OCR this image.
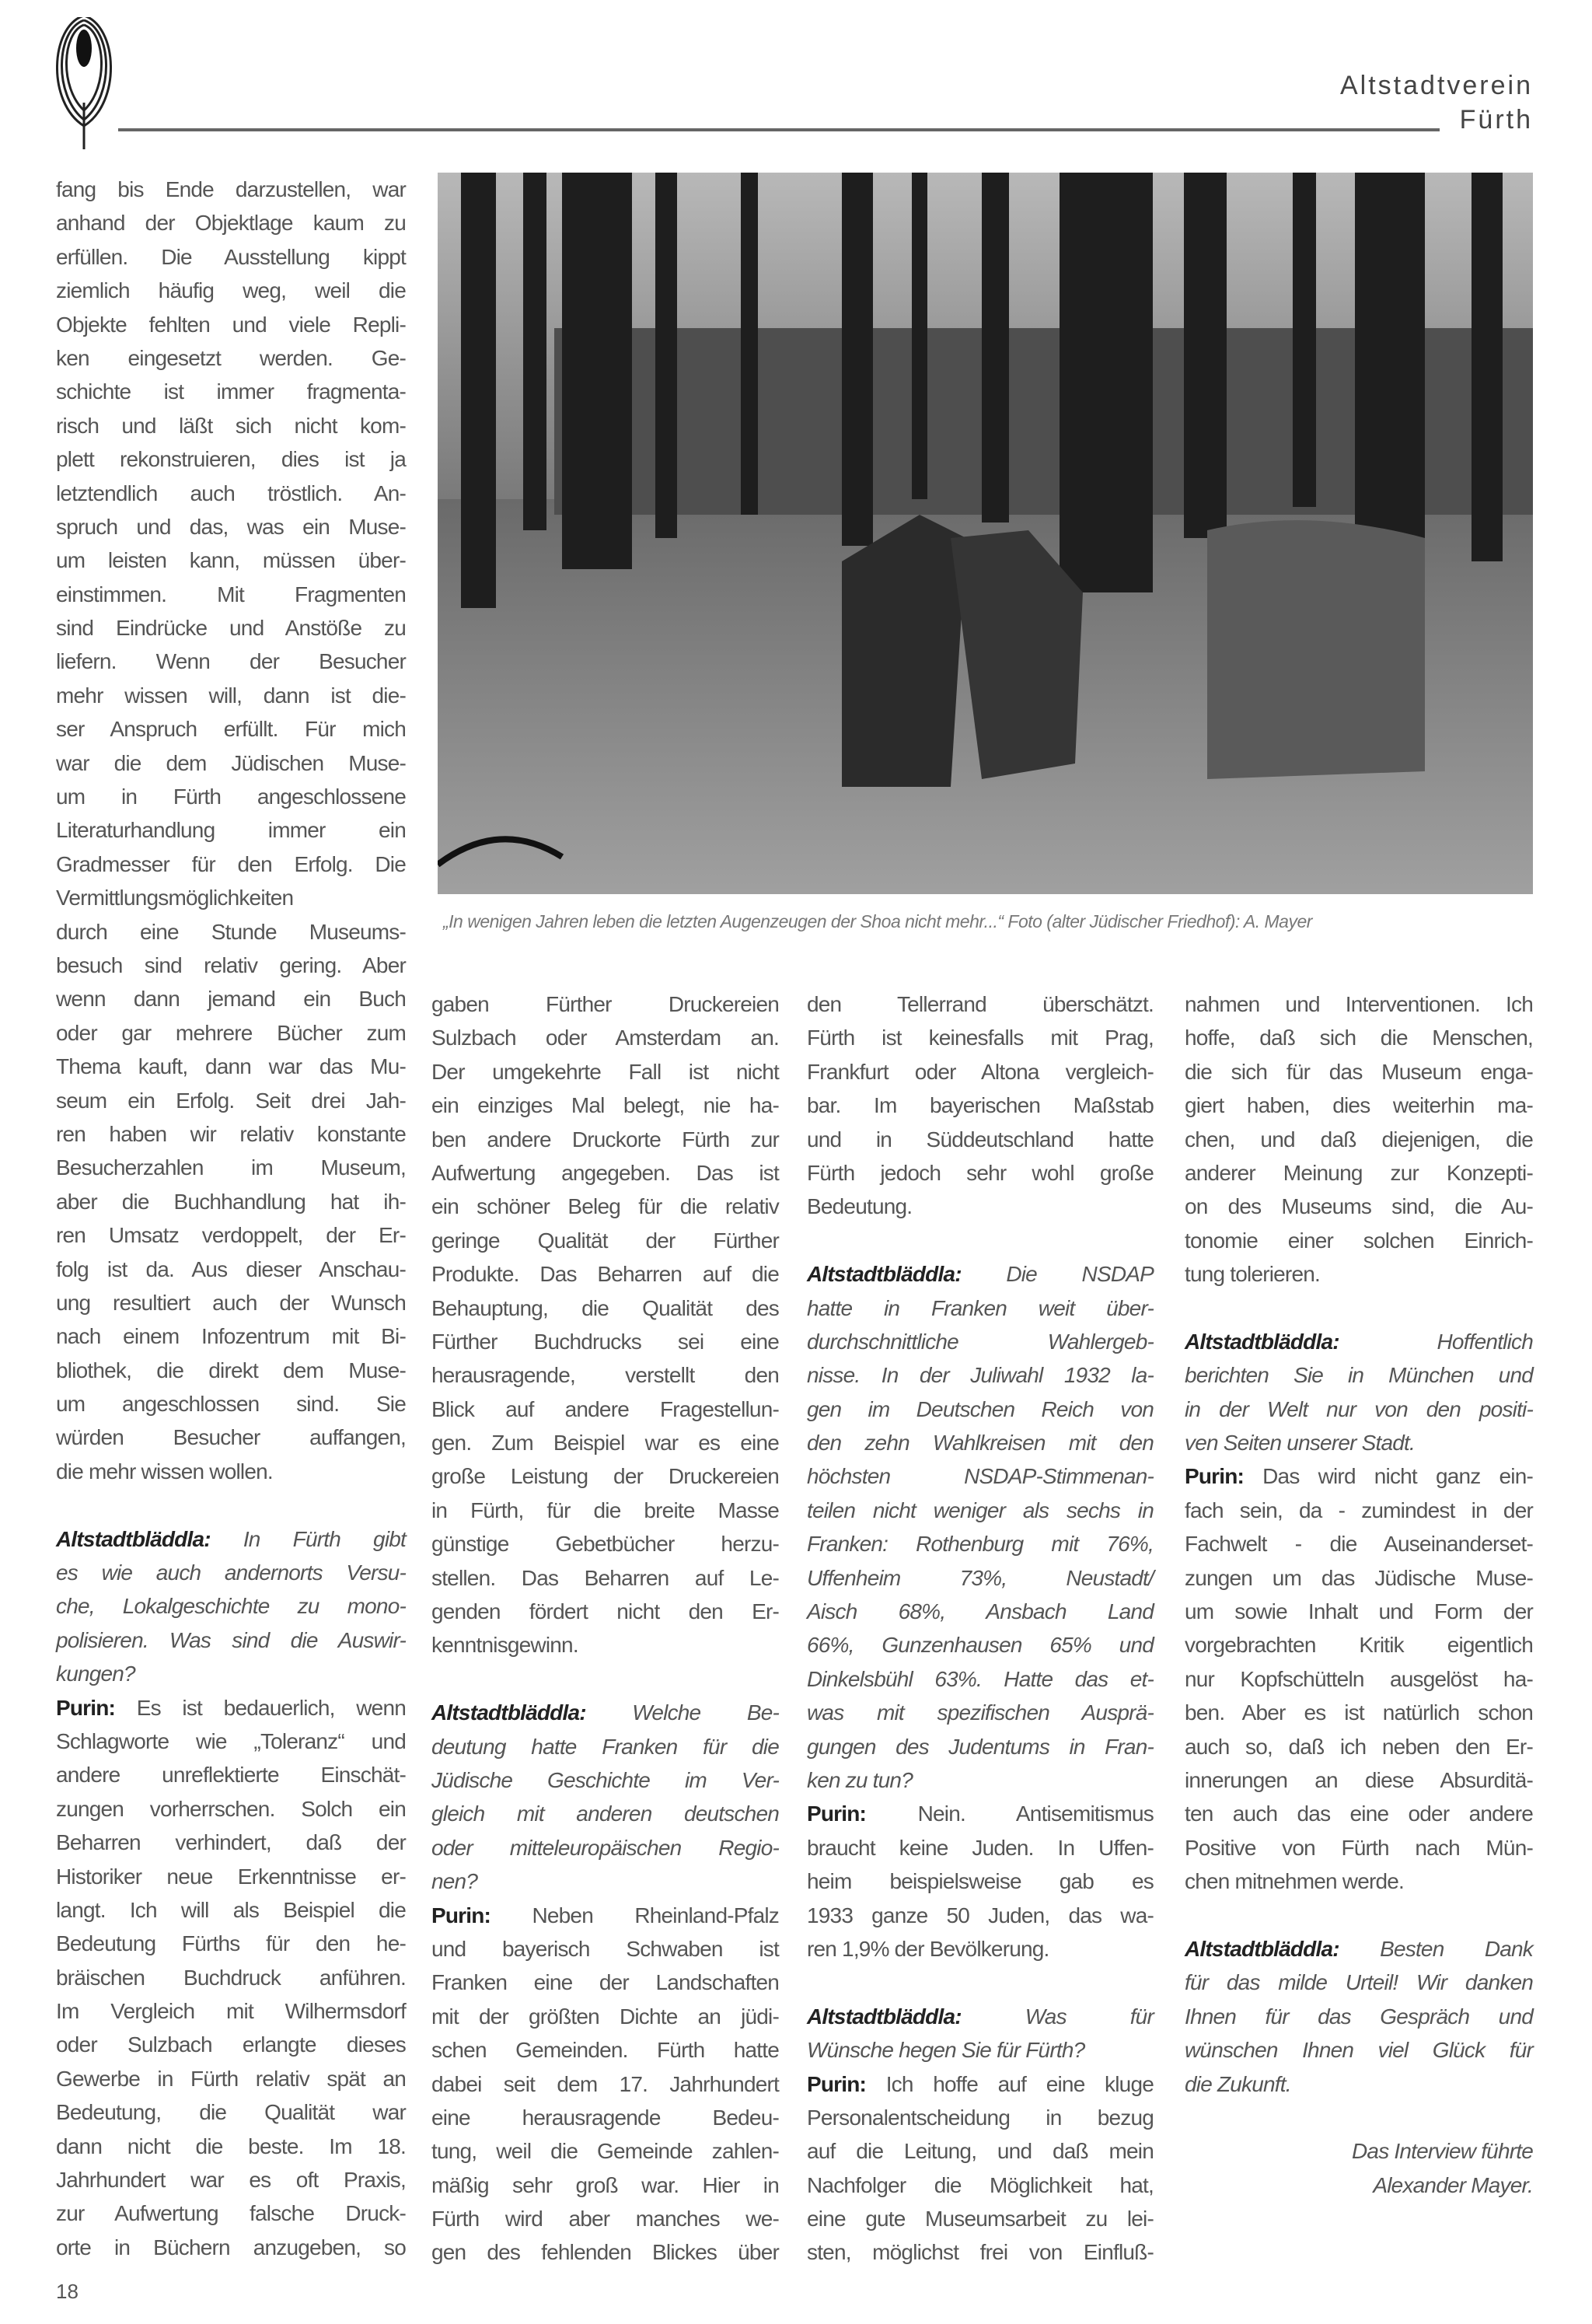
Altstadtverein
Fürth
„In wenigen Jahren leben die letzten Augenzeugen der Shoa nicht mehr...“ Foto (alter Jüdischer Friedhof): A. Mayer
fang bis Ende darzustellen, war
anhand der Objektlage kaum zu
erfüllen. Die Ausstellung kippt
ziemlich häufig weg, weil die
Objekte fehlten und viele Repli-
ken eingesetzt werden. Ge-
schichte ist immer fragmenta-
risch und läßt sich nicht kom-
plett rekonstruieren, dies ist ja
letztendlich auch tröstlich. An-
spruch und das, was ein Muse-
um leisten kann, müssen über-
einstimmen. Mit Fragmenten
sind Eindrücke und Anstöße zu
liefern. Wenn der Besucher
mehr wissen will, dann ist die-
ser Anspruch erfüllt. Für mich
war die dem Jüdischen Muse-
um in Fürth angeschlossene
Literaturhandlung immer ein
Gradmesser für den Erfolg. Die
Vermittlungsmöglichkeiten
durch eine Stunde Museums-
besuch sind relativ gering. Aber
wenn dann jemand ein Buch
oder gar mehrere Bücher zum
Thema kauft, dann war das Mu-
seum ein Erfolg. Seit drei Jah-
ren haben wir relativ konstante
Besucherzahlen im Museum,
aber die Buchhandlung hat ih-
ren Umsatz verdoppelt, der Er-
folg ist da. Aus dieser Anschau-
ung resultiert auch der Wunsch
nach einem Infozentrum mit Bi-
bliothek, die direkt dem Muse-
um angeschlossen sind. Sie
würden Besucher auffangen,
die mehr wissen wollen.
Altstadtbläddla: In Fürth gibt
es wie auch andernorts Versu-
che, Lokalgeschichte zu mono-
polisieren. Was sind die Auswir-
kungen?
Purin: Es ist bedauerlich, wenn
Schlagworte wie „Toleranz“ und
andere unreflektierte Einschät-
zungen vorherrschen. Solch ein
Beharren verhindert, daß der
Historiker neue Erkenntnisse er-
langt. Ich will als Beispiel die
Bedeutung Fürths für den he-
bräischen Buchdruck anführen.
Im Vergleich mit Wilhermsdorf
oder Sulzbach erlangte dieses
Gewerbe in Fürth relativ spät an
Bedeutung, die Qualität war
dann nicht die beste. Im 18.
Jahrhundert war es oft Praxis,
zur Aufwertung falsche Druck-
orte in Büchern anzugeben, so
gaben Fürther Druckereien
Sulzbach oder Amsterdam an.
Der umgekehrte Fall ist nicht
ein einziges Mal belegt, nie ha-
ben andere Druckorte Fürth zur
Aufwertung angegeben. Das ist
ein schöner Beleg für die relativ
geringe Qualität der Fürther
Produkte. Das Beharren auf die
Behauptung, die Qualität des
Fürther Buchdrucks sei eine
herausragende, verstellt den
Blick auf andere Fragestellun-
gen. Zum Beispiel war es eine
große Leistung der Druckereien
in Fürth, für die breite Masse
günstige Gebetbücher herzu-
stellen. Das Beharren auf Le-
genden fördert nicht den Er-
kenntnisgewinn.
Altstadtbläddla: Welche Be-
deutung hatte Franken für die
Jüdische Geschichte im Ver-
gleich mit anderen deutschen
oder mitteleuropäischen Regio-
nen?
Purin: Neben Rheinland-Pfalz
und bayerisch Schwaben ist
Franken eine der Landschaften
mit der größten Dichte an jüdi-
schen Gemeinden. Fürth hatte
dabei seit dem 17. Jahrhundert
eine herausragende Bedeu-
tung, weil die Gemeinde zahlen-
mäßig sehr groß war. Hier in
Fürth wird aber manches we-
gen des fehlenden Blickes über
den Tellerrand überschätzt.
Fürth ist keinesfalls mit Prag,
Frankfurt oder Altona vergleich-
bar. Im bayerischen Maßstab
und in Süddeutschland hatte
Fürth jedoch sehr wohl große
Bedeutung.
Altstadtbläddla: Die NSDAP
hatte in Franken weit über-
durchschnittliche Wahlergeb-
nisse. In der Juliwahl 1932 la-
gen im Deutschen Reich von
den zehn Wahlkreisen mit den
höchsten NSDAP-Stimmenan-
teilen nicht weniger als sechs in
Franken: Rothenburg mit 76%,
Uffenheim 73%, Neustadt/
Aisch 68%, Ansbach Land
66%, Gunzenhausen 65% und
Dinkelsbühl 63%. Hatte das et-
was mit spezifischen Ausprä-
gungen des Judentums in Fran-
ken zu tun?
Purin: Nein. Antisemitismus
braucht keine Juden. In Uffen-
heim beispielsweise gab es
1933 ganze 50 Juden, das wa-
ren 1,9% der Bevölkerung.
Altstadtbläddla: Was für
Wünsche hegen Sie für Fürth?
Purin: Ich hoffe auf eine kluge
Personalentscheidung in bezug
auf die Leitung, und daß mein
Nachfolger die Möglichkeit hat,
eine gute Museumsarbeit zu lei-
sten, möglichst frei von Einfluß-
nahmen und Interventionen. Ich
hoffe, daß sich die Menschen,
die sich für das Museum enga-
giert haben, dies weiterhin ma-
chen, und daß diejenigen, die
anderer Meinung zur Konzepti-
on des Museums sind, die Au-
tonomie einer solchen Einrich-
tung tolerieren.
Altstadtbläddla: Hoffentlich
berichten Sie in München und
in der Welt nur von den positi-
ven Seiten unserer Stadt.
Purin: Das wird nicht ganz ein-
fach sein, da - zumindest in der
Fachwelt - die Auseinanderset-
zungen um das Jüdische Muse-
um sowie Inhalt und Form der
vorgebrachten Kritik eigentlich
nur Kopfschütteln ausgelöst ha-
ben. Aber es ist natürlich schon
auch so, daß ich neben den Er-
innerungen an diese Absurditä-
ten auch das eine oder andere
Positive von Fürth nach Mün-
chen mitnehmen werde.
Altstadtbläddla: Besten Dank
für das milde Urteil! Wir danken
Ihnen für das Gespräch und
wünschen Ihnen viel Glück für
die Zukunft.
Das Interview führte
Alexander Mayer.
18
